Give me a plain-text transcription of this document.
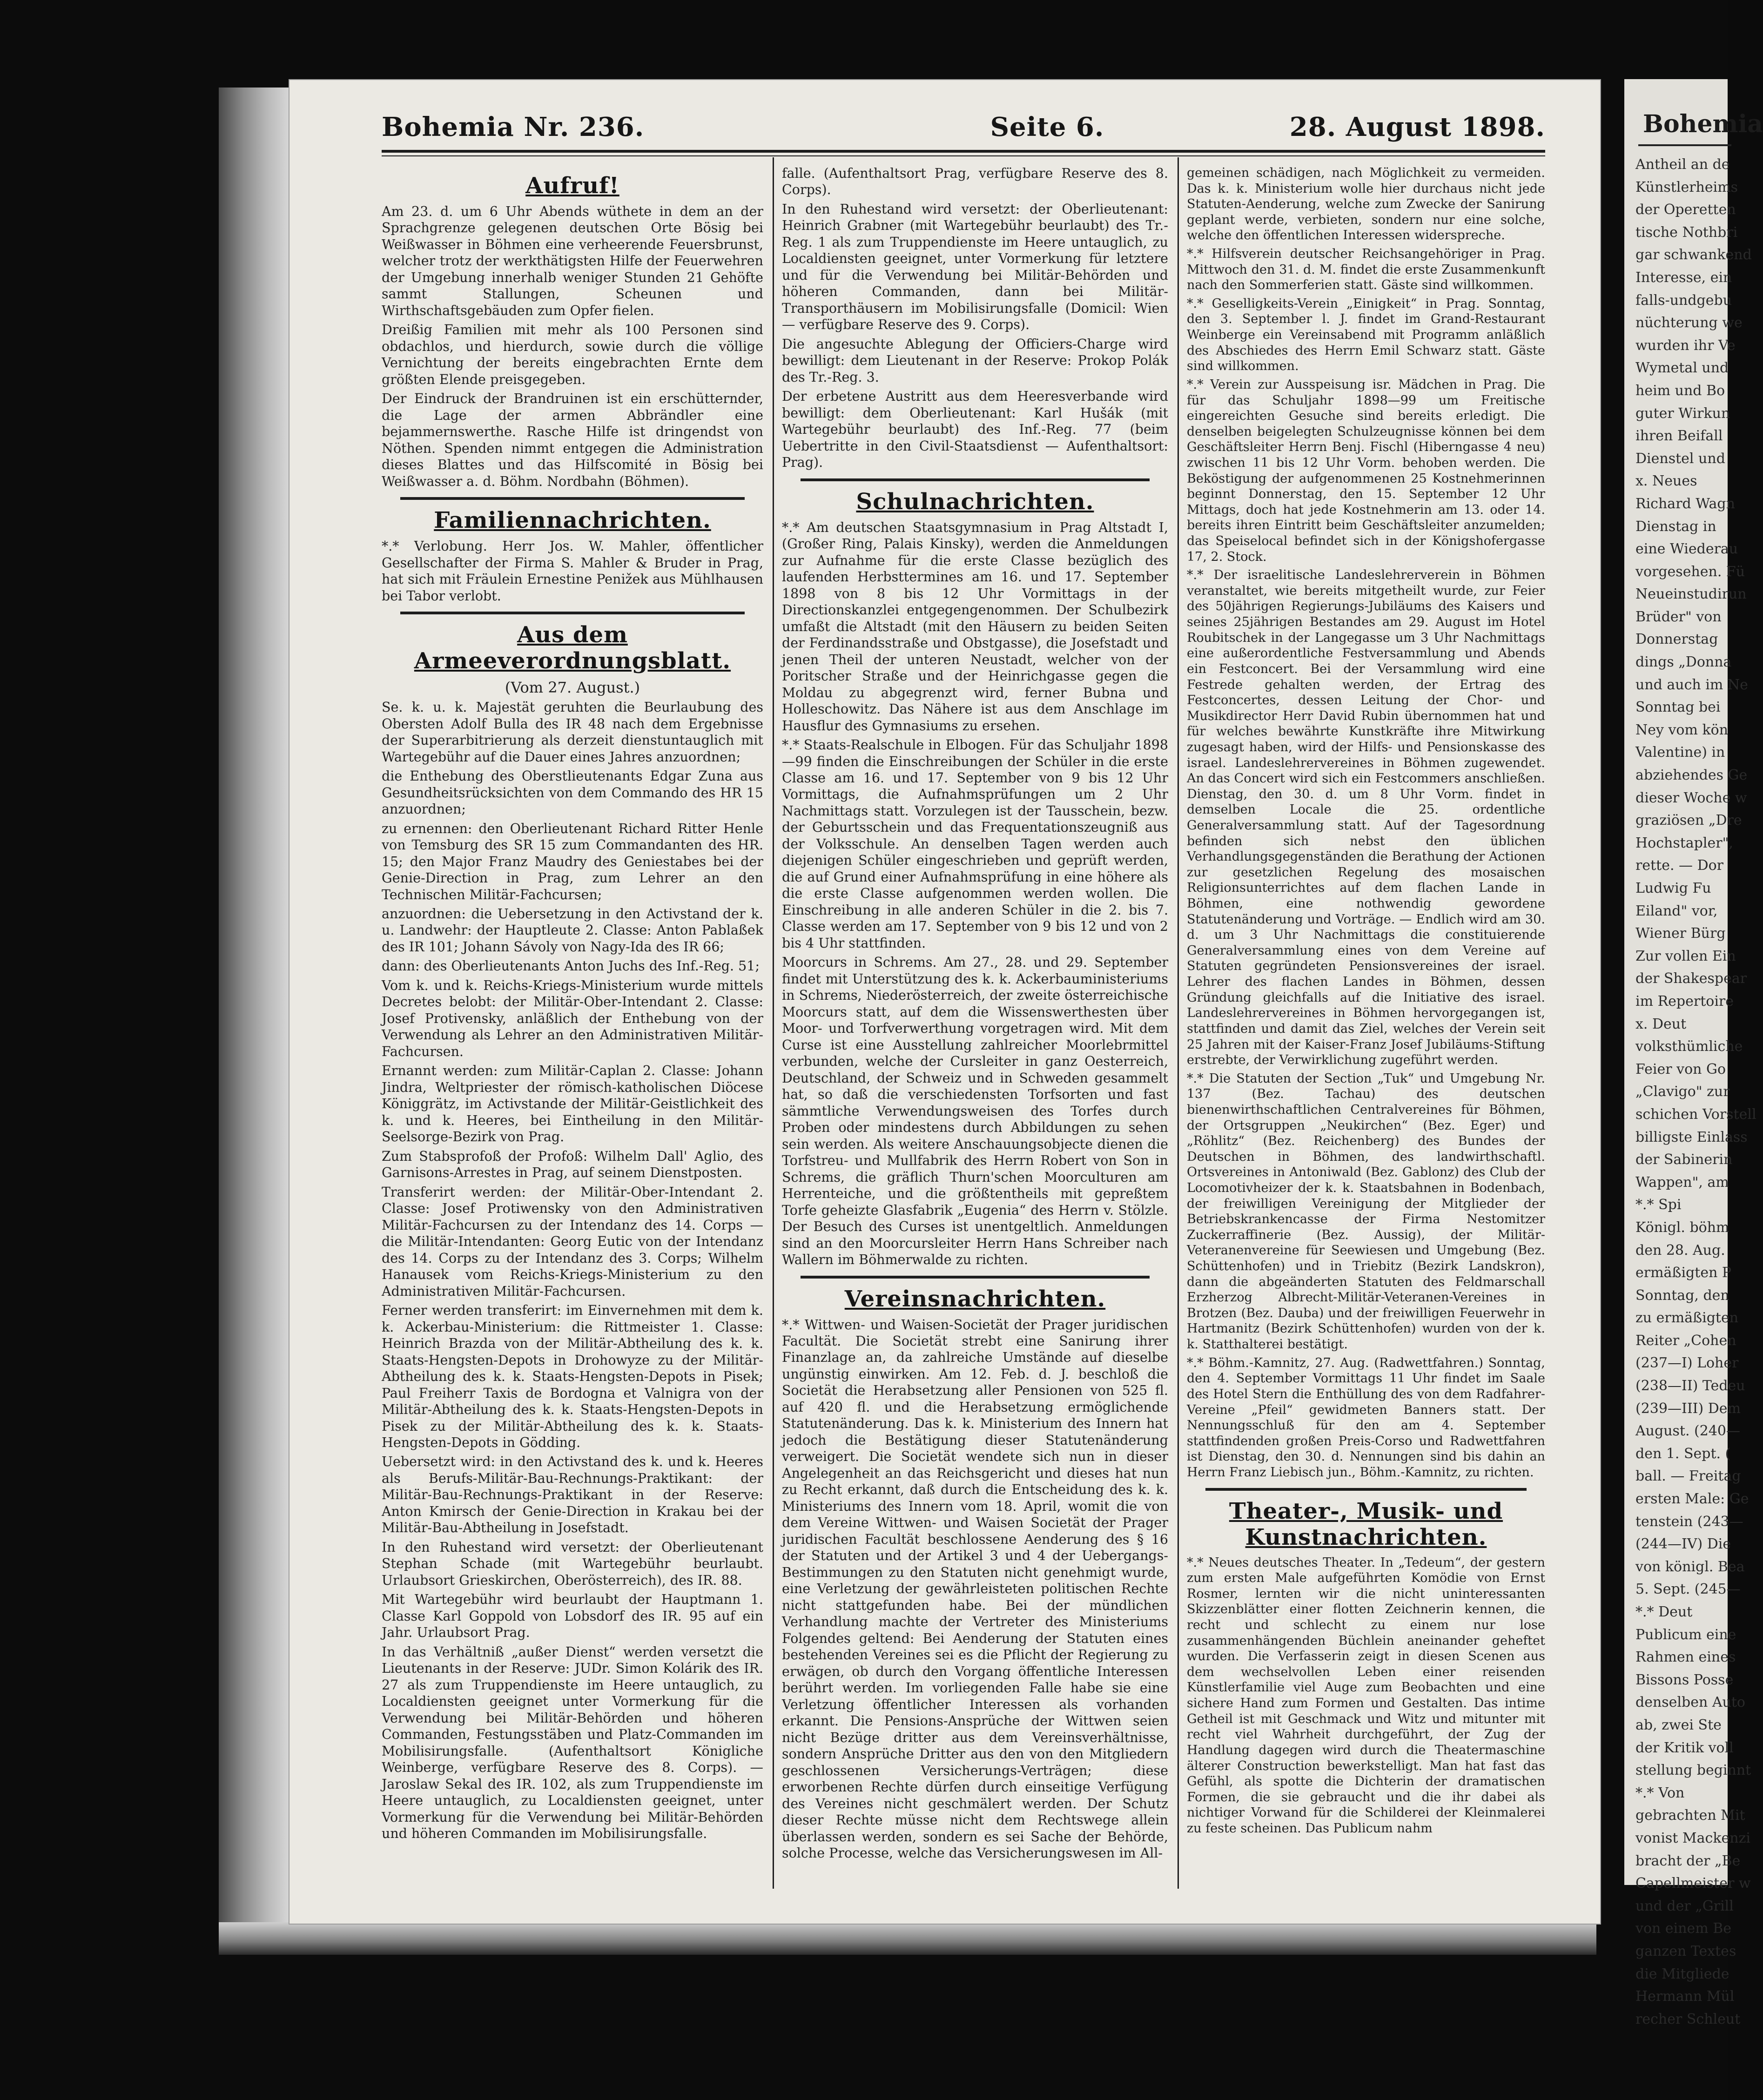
Bohemia Nr. 236.	Seite 6.	28. August 1898.
Aufruf!

Am 23. d. um 6 Uhr Abends wüthete in dem an der Sprachgrenze gelegenen deutschen Orte Bösig bei Weißwasser in Böhmen eine verheerende Feuersbrunst, welcher trotz der werkthätigsten Hilfe der Feuerwehren der Umgebung innerhalb weniger Stunden 21 Gehöfte sammt Stallungen, Scheunen und Wirthschaftsgebäuden zum Opfer fielen.

Dreißig Familien mit mehr als 100 Personen sind obdachlos, und hierdurch, sowie durch die völlige Vernichtung der bereits eingebrachten Ernte dem größten Elende preisgegeben.

Der Eindruck der Brandruinen ist ein erschütternder, die Lage der armen Abbrändler eine bejammernswerthe. Rasche Hilfe ist dringendst von Nöthen. Spenden nimmt entgegen die Administration dieses Blattes und das Hilfscomité in Bösig bei Weißwasser a. d. Böhm. Nordbahn (Böhmen).

Familiennachrichten.

*.* Verlobung. Herr Jos. W. Mahler, öffentlicher Gesellschafter der Firma S. Mahler & Bruder in Prag, hat sich mit Fräulein Ernestine Penižek aus Mühlhausen bei Tabor verlobt.

Aus dem Armeeverordnungsblatt.
(Vom 27. August.)

Se. k. u. k. Majestät geruhten die Beurlaubung des Obersten Adolf Bulla des IR 48 nach dem Ergebnisse der Superarbitrierung als derzeit dienstuntauglich mit Wartegebühr auf die Dauer eines Jahres anzuordnen;

die Enthebung des Oberstlieutenants Edgar Zuna aus Gesundheitsrücksichten von dem Commando des HR 15 anzuordnen;

zu ernennen: den Oberlieutenant Richard Ritter Henle von Temsburg des SR 15 zum Commandanten des HR. 15; den Major Franz Maudry des Geniestabes bei der Genie-Direction in Prag, zum Lehrer an den Technischen Militär-Fachcursen;

anzuordnen: die Uebersetzung in den Activstand der k. u. Landwehr: der Hauptleute 2. Classe: Anton Pablaßek des IR 101; Johann Sávoly von Nagy-Ida des IR 66;

dann: des Oberlieutenants Anton Juchs des Inf.-Reg. 51;

Vom k. und k. Reichs-Kriegs-Ministerium wurde mittels Decretes belobt: der Militär-Ober-Intendant 2. Classe: Josef Protivensky, anläßlich der Enthebung von der Verwendung als Lehrer an den Administrativen Militär-Fachcursen.

Ernannt werden: zum Militär-Caplan 2. Classe: Johann Jindra, Weltpriester der römisch-katholischen Diöcese Königgrätz, im Activstande der Militär-Geistlichkeit des k. und k. Heeres, bei Eintheilung in den Militär-Seelsorge-Bezirk von Prag.

Zum Stabsprofoß der Profoß: Wilhelm Dall' Aglio, des Garnisons-Arrestes in Prag, auf seinem Dienstposten.

Transferirt werden: der Militär-Ober-Intendant 2. Classe: Josef Protiwensky von den Administrativen Militär-Fachcursen zu der Intendanz des 14. Corps — die Militär-Intendanten: Georg Eutic von der Intendanz des 14. Corps zu der Intendanz des 3. Corps; Wilhelm Hanausek vom Reichs-Kriegs-Ministerium zu den Administrativen Militär-Fachcursen.

Ferner werden transferirt: im Einvernehmen mit dem k. k. Ackerbau-Ministerium: die Rittmeister 1. Classe: Heinrich Brazda von der Militär-Abtheilung des k. k. Staats-Hengsten-Depots in Drohowyze zu der Militär-Abtheilung des k. k. Staats-Hengsten-Depots in Pisek; Paul Freiherr Taxis de Bordogna et Valnigra von der Militär-Abtheilung des k. k. Staats-Hengsten-Depots in Pisek zu der Militär-Abtheilung des k. k. Staats-Hengsten-Depots in Gödding.

Uebersetzt wird: in den Activstand des k. und k. Heeres als Berufs-Militär-Bau-Rechnungs-Praktikant: der Militär-Bau-Rechnungs-Praktikant in der Reserve: Anton Kmirsch der Genie-Direction in Krakau bei der Militär-Bau-Abtheilung in Josefstadt.

In den Ruhestand wird versetzt: der Oberlieutenant Stephan Schade (mit Wartegebühr beurlaubt. Urlaubsort Grieskirchen, Oberösterreich), des IR. 88.

Mit Wartegebühr wird beurlaubt der Hauptmann 1. Classe Karl Goppold von Lobsdorf des IR. 95 auf ein Jahr. Urlaubsort Prag.

In das Verhältniß „außer Dienst“ werden versetzt die Lieutenants in der Reserve: JUDr. Simon Kolárik des IR. 27 als zum Truppendienste im Heere untauglich, zu Localdiensten geeignet unter Vormerkung für die Verwendung bei Militär-Behörden und höheren Commanden, Festungsstäben und Platz-Commanden im Mobilisirungsfalle. (Aufenthaltsort Königliche Weinberge, verfügbare Reserve des 8. Corps). — Jaroslaw Sekal des IR. 102, als zum Truppendienste im Heere untauglich, zu Localdiensten geeignet, unter Vormerkung für die Verwendung bei Militär-Behörden und höheren Commanden im Mobilisirungsfalle.

falle. (Aufenthaltsort Prag, verfügbare Reserve des 8. Corps).

In den Ruhestand wird versetzt: der Oberlieutenant: Heinrich Grabner (mit Wartegebühr beurlaubt) des Tr.-Reg. 1 als zum Truppendienste im Heere untauglich, zu Localdiensten geeignet, unter Vormerkung für letztere und für die Verwendung bei Militär-Behörden und höheren Commanden, dann bei Militär-Transporthäusern im Mobilisirungsfalle (Domicil: Wien — verfügbare Reserve des 9. Corps).

Die angesuchte Ablegung der Officiers-Charge wird bewilligt: dem Lieutenant in der Reserve: Prokop Polák des Tr.-Reg. 3.

Der erbetene Austritt aus dem Heeresverbande wird bewilligt: dem Oberlieutenant: Karl Hušák (mit Wartegebühr beurlaubt) des Inf.-Reg. 77 (beim Uebertritte in den Civil-Staatsdienst — Aufenthaltsort: Prag).

Schulnachrichten.

*.* Am deutschen Staatsgymnasium in Prag Altstadt I, (Großer Ring, Palais Kinsky), werden die Anmeldungen zur Aufnahme für die erste Classe bezüglich des laufenden Herbsttermines am 16. und 17. September 1898 von 8 bis 12 Uhr Vormittags in der Directionskanzlei entgegengenommen. Der Schulbezirk umfaßt die Altstadt (mit den Häusern zu beiden Seiten der Ferdinandsstraße und Obstgasse), die Josefstadt und jenen Theil der unteren Neustadt, welcher von der Poritscher Straße und der Heinrichgasse gegen die Moldau zu abgegrenzt wird, ferner Bubna und Holleschowitz. Das Nähere ist aus dem Anschlage im Hausflur des Gymnasiums zu ersehen.

*.* Staats-Realschule in Elbogen. Für das Schuljahr 1898—99 finden die Einschreibungen der Schüler in die erste Classe am 16. und 17. September von 9 bis 12 Uhr Vormittags, die Aufnahmsprüfungen um 2 Uhr Nachmittags statt. Vorzulegen ist der Tausschein, bezw. der Geburtsschein und das Frequentationszeugniß aus der Volksschule. An denselben Tagen werden auch diejenigen Schüler eingeschrieben und geprüft werden, die auf Grund einer Aufnahmsprüfung in eine höhere als die erste Classe aufgenommen werden wollen. Die Einschreibung in alle anderen Schüler in die 2. bis 7. Classe werden am 17. September von 9 bis 12 und von 2 bis 4 Uhr stattfinden.

Moorcurs in Schrems. Am 27., 28. und 29. September findet mit Unterstützung des k. k. Ackerbauministeriums in Schrems, Niederösterreich, der zweite österreichische Moorcurs statt, auf dem die Wissenswerthesten über Moor- und Torfverwerthung vorgetragen wird. Mit dem Curse ist eine Ausstellung zahlreicher Moorlebrmittel verbunden, welche der Cursleiter in ganz Oesterreich, Deutschland, der Schweiz und in Schweden gesammelt hat, so daß die verschiedensten Torfsorten und fast sämmtliche Verwendungsweisen des Torfes durch Proben oder mindestens durch Abbildungen zu sehen sein werden. Als weitere Anschauungsobjecte dienen die Torfstreu- und Mullfabrik des Herrn Robert von Son in Schrems, die gräflich Thurn'schen Moorculturen am Herrenteiche, und die größtentheils mit gepreßtem Torfe geheizte Glasfabrik „Eugenia“ des Herrn v. Stölzle. Der Besuch des Curses ist unentgeltlich. Anmeldungen sind an den Moorcursleiter Herrn Hans Schreiber nach Wallern im Böhmerwalde zu richten.

Vereinsnachrichten.

*.* Wittwen- und Waisen-Societät der Prager juridischen Facultät. Die Societät strebt eine Sanirung ihrer Finanzlage an, da zahlreiche Umstände auf dieselbe ungünstig einwirken. Am 12. Feb. d. J. beschloß die Societät die Herabsetzung aller Pensionen von 525 fl. auf 420 fl. und die Herabsetzung ermöglichende Statutenänderung. Das k. k. Ministerium des Innern hat jedoch die Bestätigung dieser Statutenänderung verweigert. Die Societät wendete sich nun in dieser Angelegenheit an das Reichsgericht und dieses hat nun zu Recht erkannt, daß durch die Entscheidung des k. k. Ministeriums des Innern vom 18. April, womit die von dem Vereine Wittwen- und Waisen Societät der Prager juridischen Facultät beschlossene Aenderung des § 16 der Statuten und der Artikel 3 und 4 der Uebergangs-Bestimmungen zu den Statuten nicht genehmigt wurde, eine Verletzung der gewährleisteten politischen Rechte nicht stattgefunden habe. Bei der mündlichen Verhandlung machte der Vertreter des Ministeriums Folgendes geltend: Bei Aenderung der Statuten eines bestehenden Vereines sei es die Pflicht der Regierung zu erwägen, ob durch den Vorgang öffentliche Interessen berührt werden. Im vorliegenden Falle habe sie eine Verletzung öffentlicher Interessen als vorhanden erkannt. Die Pensions-Ansprüche der Wittwen seien nicht Bezüge dritter aus dem Vereinsverhältnisse, sondern Ansprüche Dritter aus den von den Mitgliedern geschlossenen Versicherungs-Verträgen; diese erworbenen Rechte dürfen durch einseitige Verfügung des Vereines nicht geschmälert werden. Der Schutz dieser Rechte müsse nicht dem Rechtswege allein überlassen werden, sondern es sei Sache der Behörde, solche Processe, welche das Versicherungswesen im All-

gemeinen schädigen, nach Möglichkeit zu vermeiden. Das k. k. Ministerium wolle hier durchaus nicht jede Statuten-Aenderung, welche zum Zwecke der Sanirung geplant werde, verbieten, sondern nur eine solche, welche den öffentlichen Interessen widerspreche.

*.* Hilfsverein deutscher Reichsangehöriger in Prag. Mittwoch den 31. d. M. findet die erste Zusammenkunft nach den Sommerferien statt. Gäste sind willkommen.

*.* Geselligkeits-Verein „Einigkeit“ in Prag. Sonntag, den 3. September l. J. findet im Grand-Restaurant Weinberge ein Vereinsabend mit Programm anläßlich des Abschiedes des Herrn Emil Schwarz statt. Gäste sind willkommen.

*.* Verein zur Ausspeisung isr. Mädchen in Prag. Die für das Schuljahr 1898—99 um Freitische eingereichten Gesuche sind bereits erledigt. Die denselben beigelegten Schulzeugnisse können bei dem Geschäftsleiter Herrn Benj. Fischl (Hiberngasse 4 neu) zwischen 11 bis 12 Uhr Vorm. behoben werden. Die Beköstigung der aufgenommenen 25 Kostnehmerinnen beginnt Donnerstag, den 15. September 12 Uhr Mittags, doch hat jede Kostnehmerin am 13. oder 14. bereits ihren Eintritt beim Geschäftsleiter anzumelden; das Speiselocal befindet sich in der Königshofergasse 17, 2. Stock.

*.* Der israelitische Landeslehrerverein in Böhmen veranstaltet, wie bereits mitgetheilt wurde, zur Feier des 50jährigen Regierungs-Jubiläums des Kaisers und seines 25jährigen Bestandes am 29. August im Hotel Roubitschek in der Langegasse um 3 Uhr Nachmittags eine außerordentliche Festversammlung und Abends ein Festconcert. Bei der Versammlung wird eine Festrede gehalten werden, der Ertrag des Festconcertes, dessen Leitung der Chor- und Musikdirector Herr David Rubin übernommen hat und für welches bewährte Kunstkräfte ihre Mitwirkung zugesagt haben, wird der Hilfs- und Pensionskasse des israel. Landeslehrervereines in Böhmen zugewendet. An das Concert wird sich ein Festcommers anschließen. Dienstag, den 30. d. um 8 Uhr Vorm. findet in demselben Locale die 25. ordentliche Generalversammlung statt. Auf der Tagesordnung befinden sich nebst den üblichen Verhandlungsgegenständen die Berathung der Actionen zur gesetzlichen Regelung des mosaischen Religionsunterrichtes auf dem flachen Lande in Böhmen, eine nothwendig gewordene Statutenänderung und Vorträge. — Endlich wird am 30. d. um 3 Uhr Nachmittags die constituierende Generalversammlung eines von dem Vereine auf Statuten gegründeten Pensionsvereines der israel. Lehrer des flachen Landes in Böhmen, dessen Gründung gleichfalls auf die Initiative des israel. Landeslehrervereines in Böhmen hervorgegangen ist, stattfinden und damit das Ziel, welches der Verein seit 25 Jahren mit der Kaiser-Franz Josef Jubiläums-Stiftung erstrebte, der Verwirklichung zugeführt werden.

*.* Die Statuten der Section „Tuk“ und Umgebung Nr. 137 (Bez. Tachau) des deutschen bienenwirthschaftlichen Centralvereines für Böhmen, der Ortsgruppen „Neukirchen“ (Bez. Eger) und „Röhlitz“ (Bez. Reichenberg) des Bundes der Deutschen in Böhmen, des landwirthschaftl. Ortsvereines in Antoniwald (Bez. Gablonz) des Club der Locomotivheizer der k. k. Staatsbahnen in Bodenbach, der freiwilligen Vereinigung der Mitglieder der Betriebskrankencasse der Firma Nestomitzer Zuckerraffinerie (Bez. Aussig), der Militär-Veteranenvereine für Seewiesen und Umgebung (Bez. Schüttenhofen) und in Triebitz (Bezirk Landskron), dann die abgeänderten Statuten des Feldmarschall Erzherzog Albrecht-Militär-Veteranen-Vereines in Brotzen (Bez. Dauba) und der freiwilligen Feuerwehr in Hartmanitz (Bezirk Schüttenhofen) wurden von der k. k. Statthalterei bestätigt.

*.* Böhm.-Kamnitz, 27. Aug. (Radwettfahren.) Sonntag, den 4. September Vormittags 11 Uhr findet im Saale des Hotel Stern die Enthüllung des von dem Radfahrer-Vereine „Pfeil“ gewidmeten Banners statt. Der Nennungsschluß für den am 4. September stattfindenden großen Preis-Corso und Radwettfahren ist Dienstag, den 30. d. Nennungen sind bis dahin an Herrn Franz Liebisch jun., Böhm.-Kamnitz, zu richten.

Theater-, Musik- und Kunstnachrichten.

*.* Neues deutsches Theater. In „Tedeum“, der gestern zum ersten Male aufgeführten Komödie von Ernst Rosmer, lernten wir die nicht uninteressanten Skizzenblätter einer flotten Zeichnerin kennen, die recht und schlecht zu einem nur lose zusammenhängenden Büchlein aneinander geheftet wurden. Die Verfasserin zeigt in diesen Scenen aus dem wechselvollen Leben einer reisenden Künstlerfamilie viel Auge zum Beobachten und eine sichere Hand zum Formen und Gestalten. Das intime Getheil ist mit Geschmack und Witz und mitunter mit recht viel Wahrheit durchgeführt, der Zug der Handlung dagegen wird durch die Theatermaschine älterer Construction bewerkstelligt. Man hat fast das Gefühl, als spotte die Dichterin der dramatischen Formen, die sie gebraucht und die ihr dabei als nichtiger Vorwand für die Schilderei der Kleinmalerei zu feste scheinen. Das Publicum nahm

Bohemia
Antheil an de
Künstlerheims
der Operetten
tische Nothbri
gar schwankend
Interesse, ein
falls-undgebu
nüchterung we
wurden ihr Ve
Wymetal und
heim und Bo
guter Wirkun
ihren Beifall
Dienstel und
x. Neues
Richard Wagn
Dienstag in
eine Wiederau
vorgesehen. Fü
Neueinstudirun
Brüder" von
Donnerstag
dings „Donna
und auch im Ne
Sonntag bei
Ney vom kön
Valentine) in
abziehendes Ge
dieser Woche w
graziösen „Dre
Hochstapler",
rette. — Dor
Ludwig Fu
Eiland" vor,
Wiener Bürg
Zur vollen Ein
der Shakespear
im Repertoire
x. Deut
volksthümliche
Feier von Go
„Clavigo" zur
schichen Vorstell
billigste Einlass
der Sabinerin
Wappen", am
*.* Spi
Königl. böhm
den 28. Aug.
ermäßigten P
Sonntag, den
zu ermäßigten
Reiter „Cohen
(237—I) Loher
(238—II) Tedeu
(239—III) Dem
August. (240—
den 1. Sept. (
ball. — Freitag
ersten Male: Ge
tenstein (243—
(244—IV) Die
von königl. Bea
5. Sept. (245—
*.* Deut
Publicum eine
Rahmen eines
Bissons Posse
denselben Auto
ab, zwei Ste
der Kritik voll
stellung beginnt
*.* Von
gebrachten Mit
vonist Mackenzi
bracht der „Be
Capellmeister w
und der „Grill
von einem Be
ganzen Textes
die Mitgliede
Hermann Mül
recher Schleut
